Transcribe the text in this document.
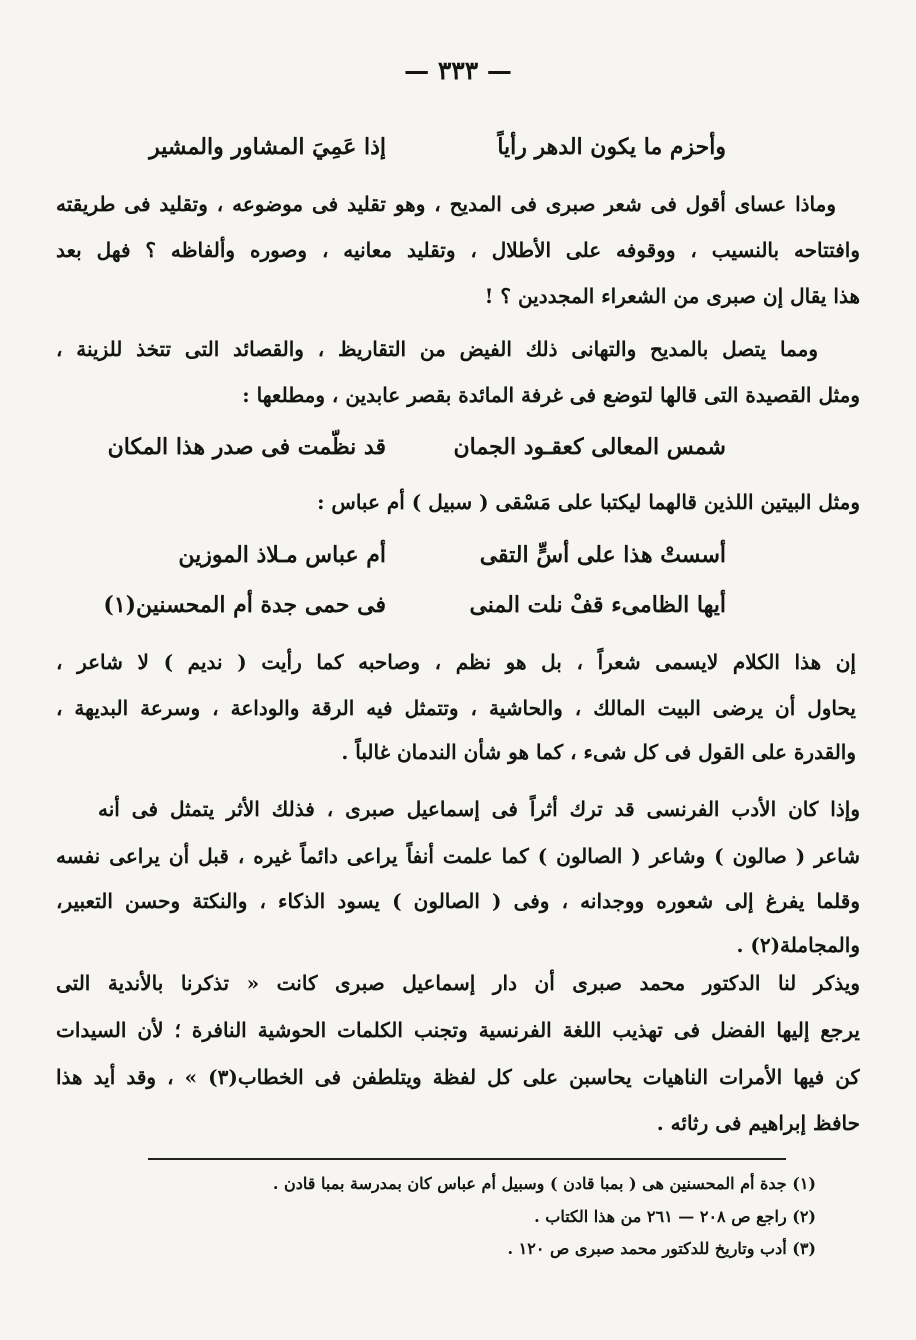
— ٣٣٣ —
وأحزم ما يكون الدهر رأياً
إذا عَمِيَ المشاور والمشير
وماذا عساى أقول فى شعر صبرى فى المديح ، وهو تقليد فى موضوعه ، وتقليد فى طريقته
وافتتاحه بالنسيب ، ووقوفه على الأطلال ، وتقليد معانيه ، وصوره وألفاظه ؟ فهل بعد
هذا يقال إن صبرى من الشعراء المجددين ؟ !
ومما يتصل بالمديح والتهانى ذلك الفيض من التقاريظ ، والقصائد التى تتخذ للزينة ،
ومثل القصيدة التى قالها لتوضع فى غرفة المائدة بقصر عابدين ، ومطلعها :
شمس المعالى كعقـود الجمان
قد نظّمت فى صدر هذا المكان
ومثل البيتين اللذين قالهما ليكتبا على مَسْقى ( سبيل ) أم عباس :
أسستْ هذا على أسٍّ التقى
أم عباس مـلاذ الموزين
أيها الظامىء قفْ نلت المنى
فى حمى جدة أم المحسنين(١)
إن هذا الكلام لايسمى شعراً ، بل هو نظم ، وصاحبه كما رأيت ( نديم ) لا شاعر ،
يحاول أن يرضى البيت المالك ، والحاشية ، وتتمثل فيه الرقة والوداعة ، وسرعة البديهة ،
والقدرة على القول فى كل شىء ، كما هو شأن الندمان غالباً .
وإذا كان الأدب الفرنسى قد ترك أثراً فى إسماعيل صبرى ، فذلك الأثر يتمثل فى أنه
شاعر ( صالون ) وشاعر ( الصالون ) كما علمت أنفاً يراعى دائماً غيره ، قبل أن يراعى نفسه
وقلما يفرغ إلى شعوره ووجدانه ، وفى ( الصالون ) يسود الذكاء ، والنكتة وحسن التعبير،
والمجاملة(٢) .
ويذكر لنا الدكتور محمد صبرى أن دار إسماعيل صبرى كانت « تذكرنا بالأندية التى
يرجع إليها الفضل فى تهذيب اللغة الفرنسية وتجنب الكلمات الحوشية النافرة ؛ لأن السيدات
كن فيها الأمرات الناهيات يحاسبن على كل لفظة ويتلطفن فى الخطاب(٣) » ، وقد أيد هذا
حافظ إبراهيم فى رثائه .
(١) جدة أم المحسنين هى ( بمبا قادن ) وسبيل أم عباس كان بمدرسة بمبا قادن .
(٢) راجع ص ٢٠٨ — ٢٦١ من هذا الكتاب .
(٣) أدب وتاريخ للدكتور محمد صبرى ص ١٢٠ .
